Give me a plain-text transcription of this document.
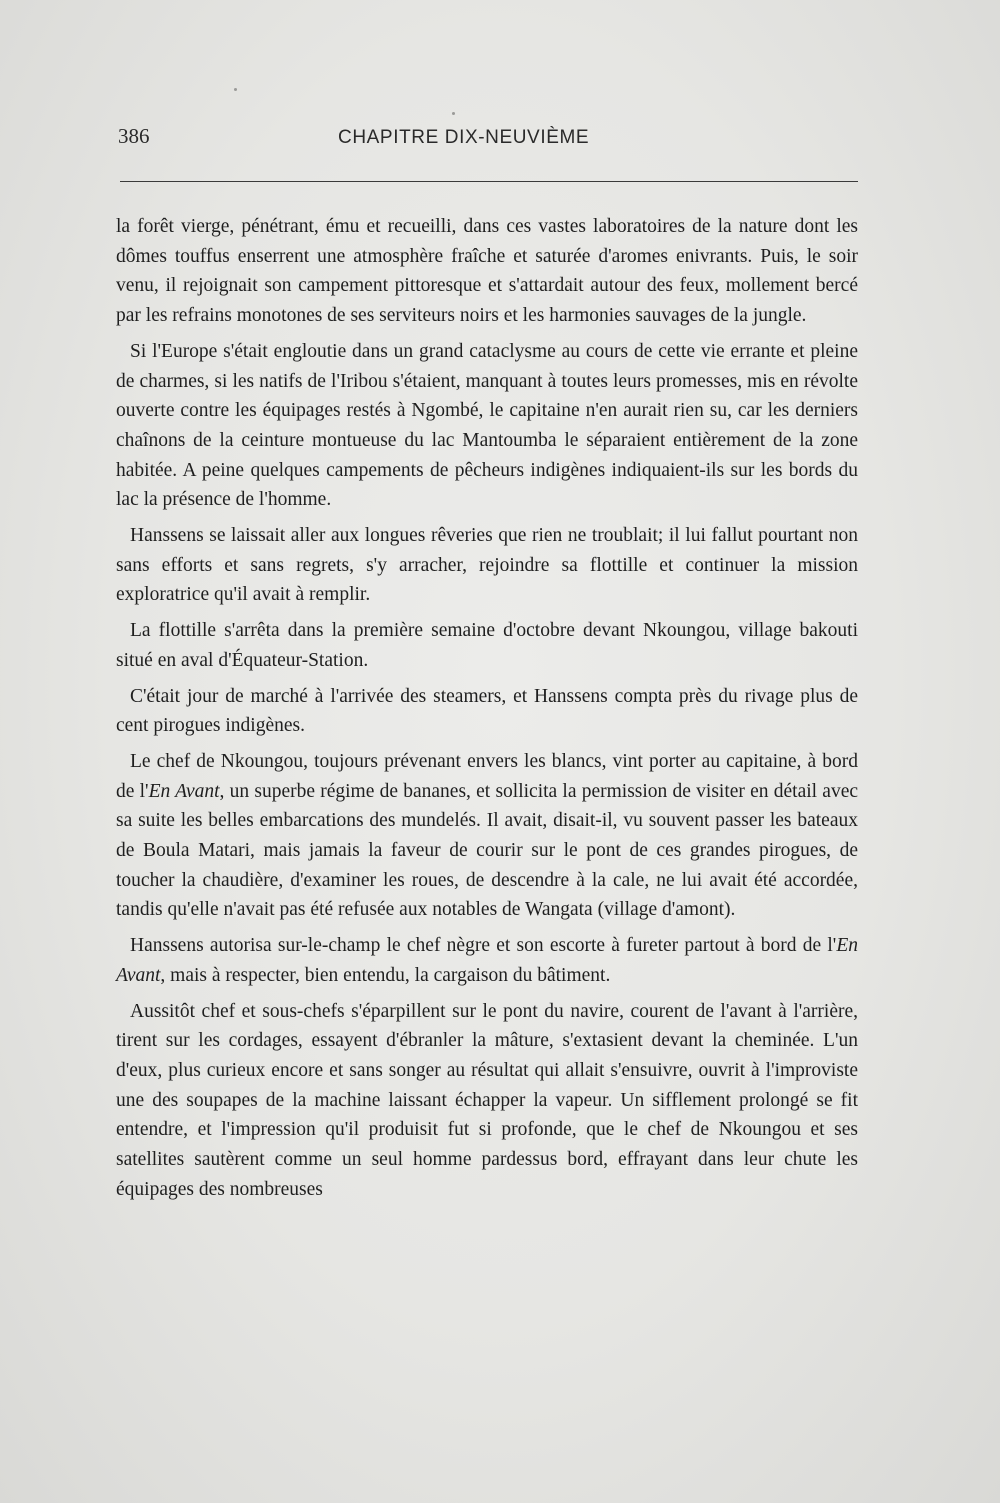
386	CHAPITRE DIX-NEUVIÈME

la forêt vierge, pénétrant, ému et recueilli, dans ces vastes laboratoires de la nature dont les dômes touffus enserrent une atmosphère fraîche et saturée d'aromes enivrants. Puis, le soir venu, il rejoignait son campement pittoresque et s'attardait autour des feux, mollement bercé par les refrains monotones de ses serviteurs noirs et les harmonies sauvages de la jungle.

Si l'Europe s'était engloutie dans un grand cataclysme au cours de cette vie errante et pleine de charmes, si les natifs de l'Iribou s'étaient, manquant à toutes leurs promesses, mis en révolte ouverte contre les équipages restés à Ngombé, le capitaine n'en aurait rien su, car les derniers chaînons de la ceinture montueuse du lac Mantoumba le séparaient entièrement de la zone habitée. A peine quelques campements de pêcheurs indigènes indiquaient-ils sur les bords du lac la présence de l'homme.

Hanssens se laissait aller aux longues rêveries que rien ne troublait; il lui fallut pourtant non sans efforts et sans regrets, s'y arracher, rejoindre sa flottille et continuer la mission exploratrice qu'il avait à remplir.

La flottille s'arrêta dans la première semaine d'octobre devant Nkoungou, village bakouti situé en aval d'Équateur-Station.

C'était jour de marché à l'arrivée des steamers, et Hanssens compta près du rivage plus de cent pirogues indigènes.

Le chef de Nkoungou, toujours prévenant envers les blancs, vint porter au capitaine, à bord de l'En Avant, un superbe régime de bananes, et sollicita la permission de visiter en détail avec sa suite les belles embarcations des mundelés. Il avait, disait-il, vu souvent passer les bateaux de Boula Matari, mais jamais la faveur de courir sur le pont de ces grandes pirogues, de toucher la chaudière, d'examiner les roues, de descendre à la cale, ne lui avait été accordée, tandis qu'elle n'avait pas été refusée aux notables de Wangata (village d'amont).

Hanssens autorisa sur-le-champ le chef nègre et son escorte à fureter partout à bord de l'En Avant, mais à respecter, bien entendu, la cargaison du bâtiment.

Aussitôt chef et sous-chefs s'éparpillent sur le pont du navire, courent de l'avant à l'arrière, tirent sur les cordages, essayent d'ébranler la mâture, s'extasient devant la cheminée. L'un d'eux, plus curieux encore et sans songer au résultat qui allait s'ensuivre, ouvrit à l'improviste une des soupapes de la machine laissant échapper la vapeur. Un sifflement prolongé se fit entendre, et l'impression qu'il produisit fut si profonde, que le chef de Nkoungou et ses satellites sautèrent comme un seul homme pardessus bord, effrayant dans leur chute les équipages des nombreuses
